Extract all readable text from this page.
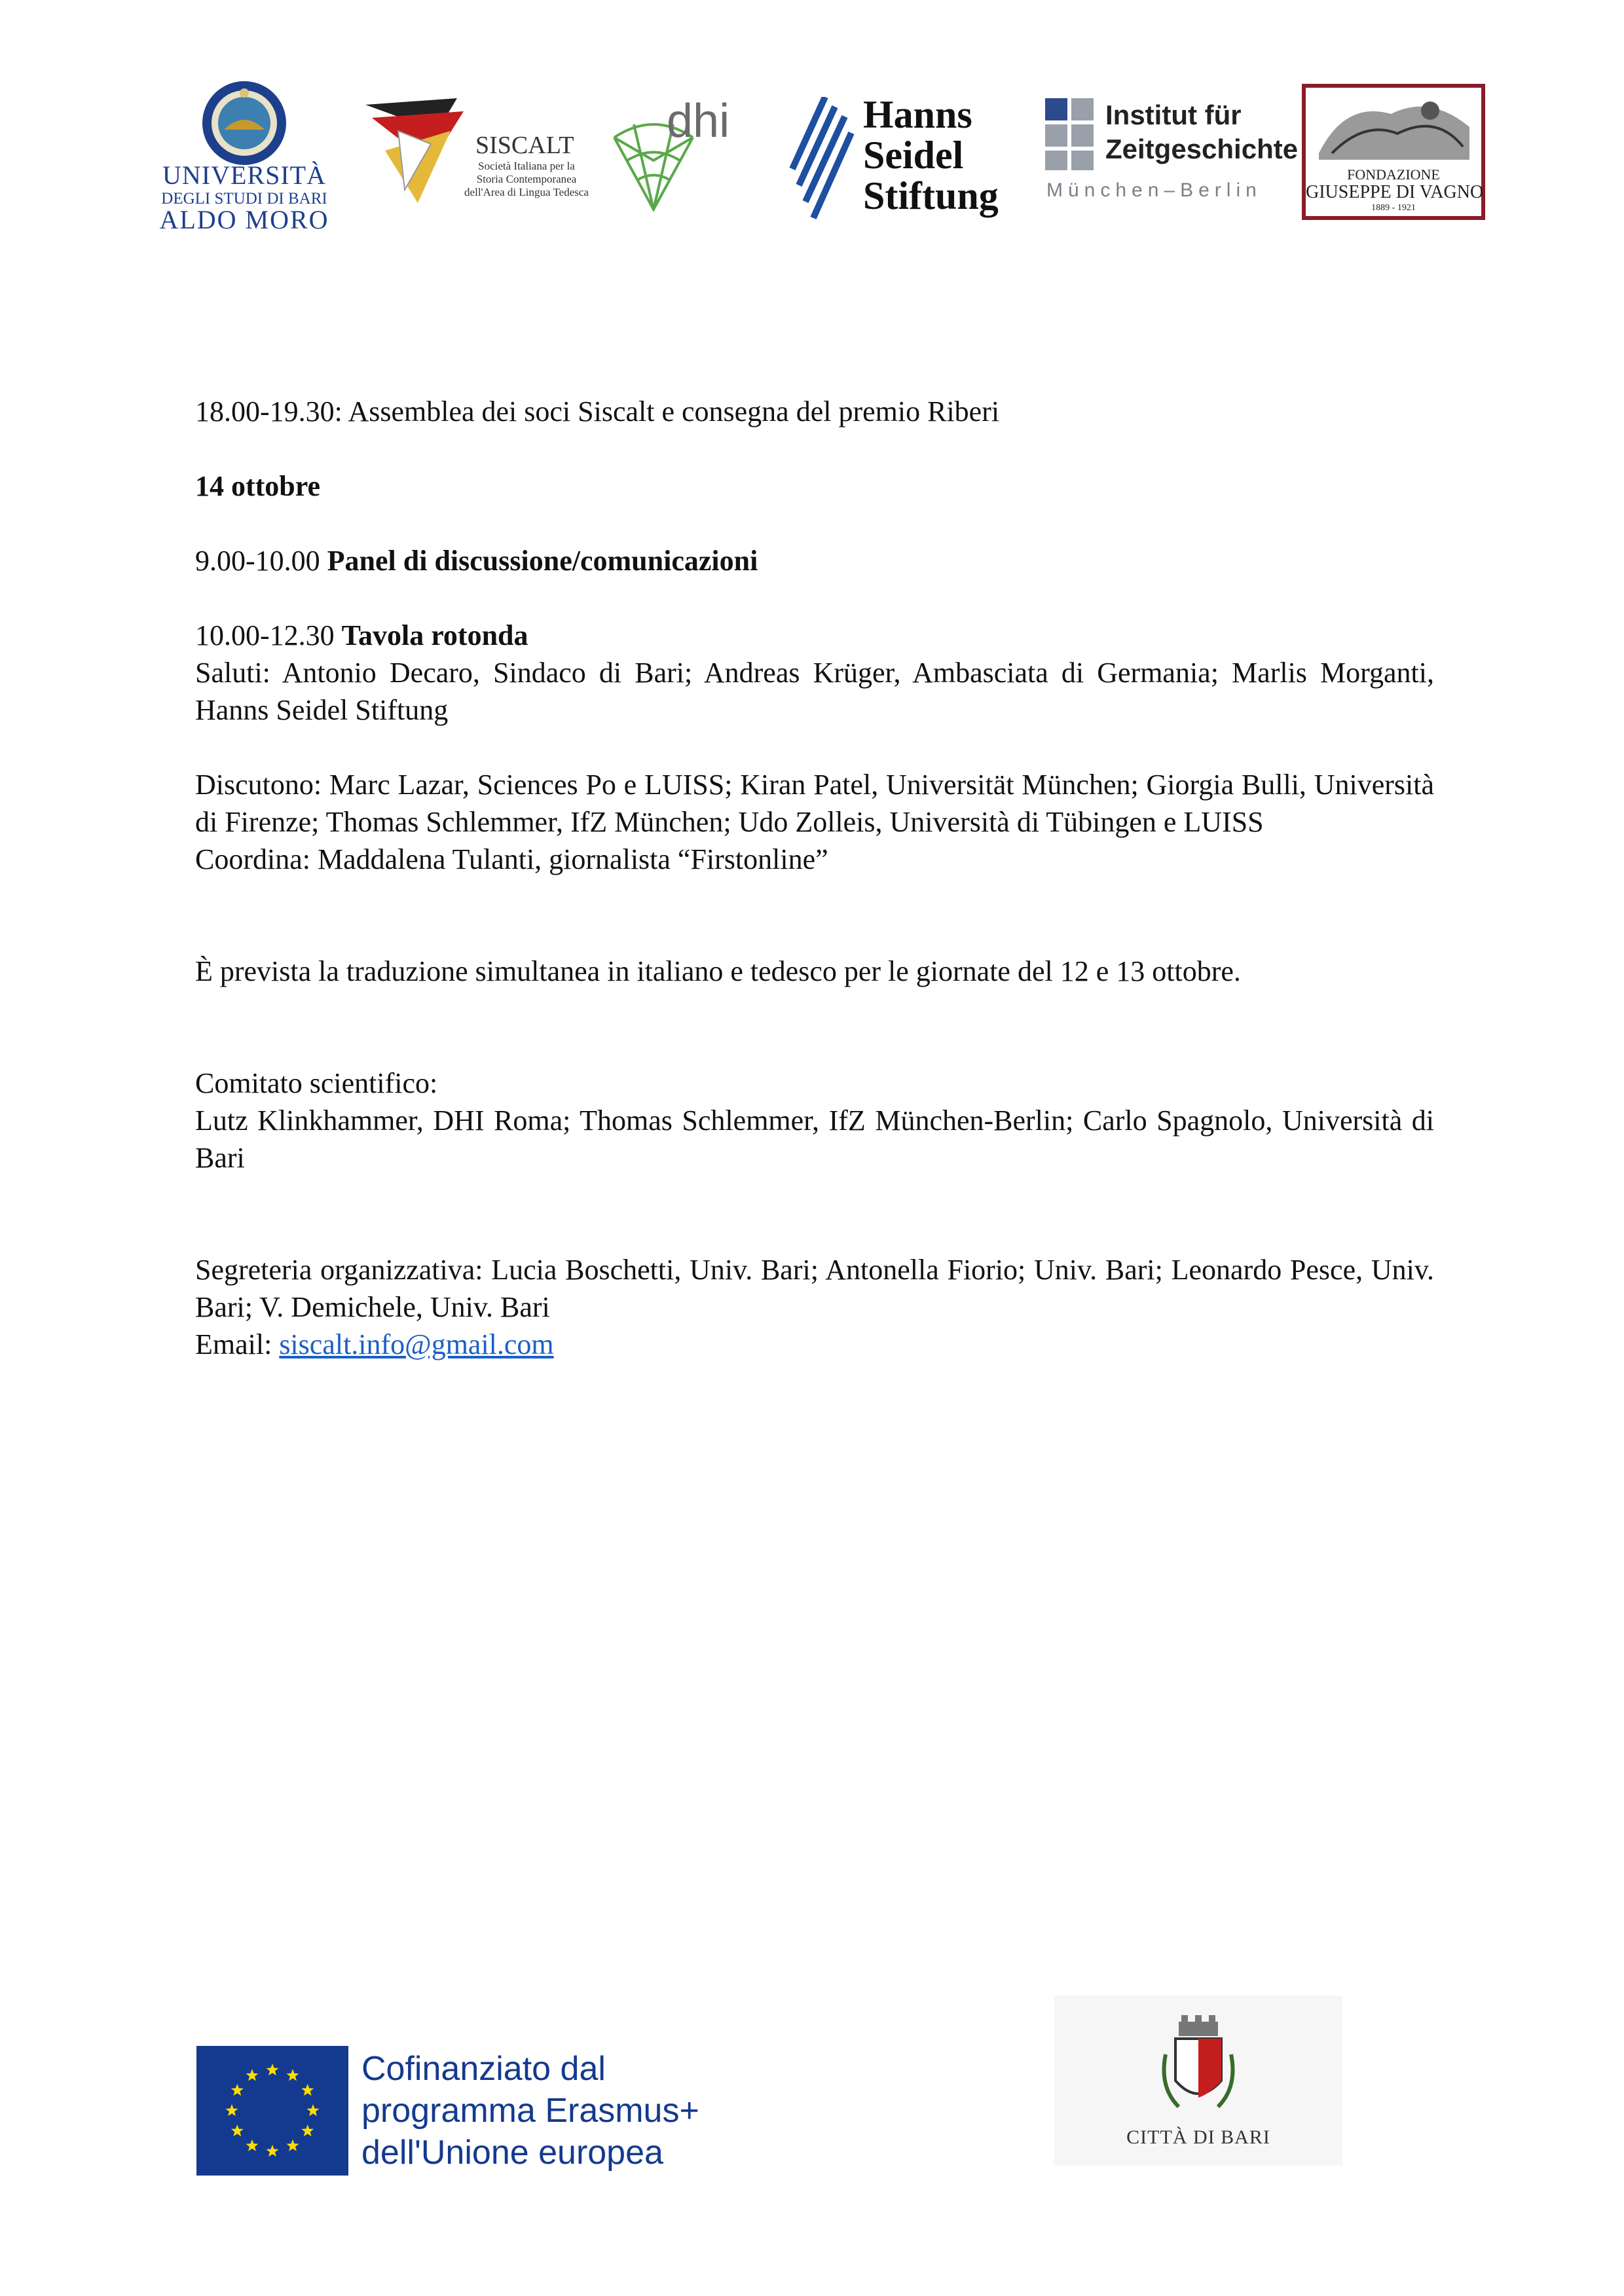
UNIVERSITÀ
DEGLI STUDI DI BARI
ALDO MORO
SISCALT
Società Italiana per la
Storia Contemporanea
dell'Area di Lingua Tedesca
dhi	Hanns
Seidel
Stiftung
Institut für
Zeitgeschichte
München–Berlin
FONDAZIONE
GIUSEPPE DI VAGNO
1889 - 1921

18.00-19.30: Assemblea dei soci Siscalt e consegna del premio Riberi

14 ottobre

9.00-10.00 Panel di discussione/comunicazioni

10.00-12.30 Tavola rotonda

Saluti: Antonio Decaro, Sindaco di Bari; Andreas Krüger, Ambasciata di Germania; Marlis Morganti, Hanns Seidel Stiftung

Discutono: Marc Lazar, Sciences Po e LUISS; Kiran Patel, Universität München; Giorgia Bulli, Università di Firenze; Thomas Schlemmer, IfZ München; Udo Zolleis, Università di Tübingen e LUISS

Coordina: Maddalena Tulanti, giornalista “Firstonline”

È prevista la traduzione simultanea in italiano e tedesco per le giornate del 12 e 13 ottobre.

Comitato scientifico:

Lutz Klinkhammer, DHI Roma; Thomas Schlemmer, IfZ München-Berlin; Carlo Spagnolo, Università di Bari

Segreteria organizzativa: Lucia Boschetti, Univ. Bari; Antonella Fiorio; Univ. Bari; Leonardo Pesce, Univ. Bari; V. Demichele, Univ. Bari

Email: siscalt.info@gmail.com

Cofinanziato dal
programma Erasmus+
dell'Unione europea	CITTÀ DI BARI
